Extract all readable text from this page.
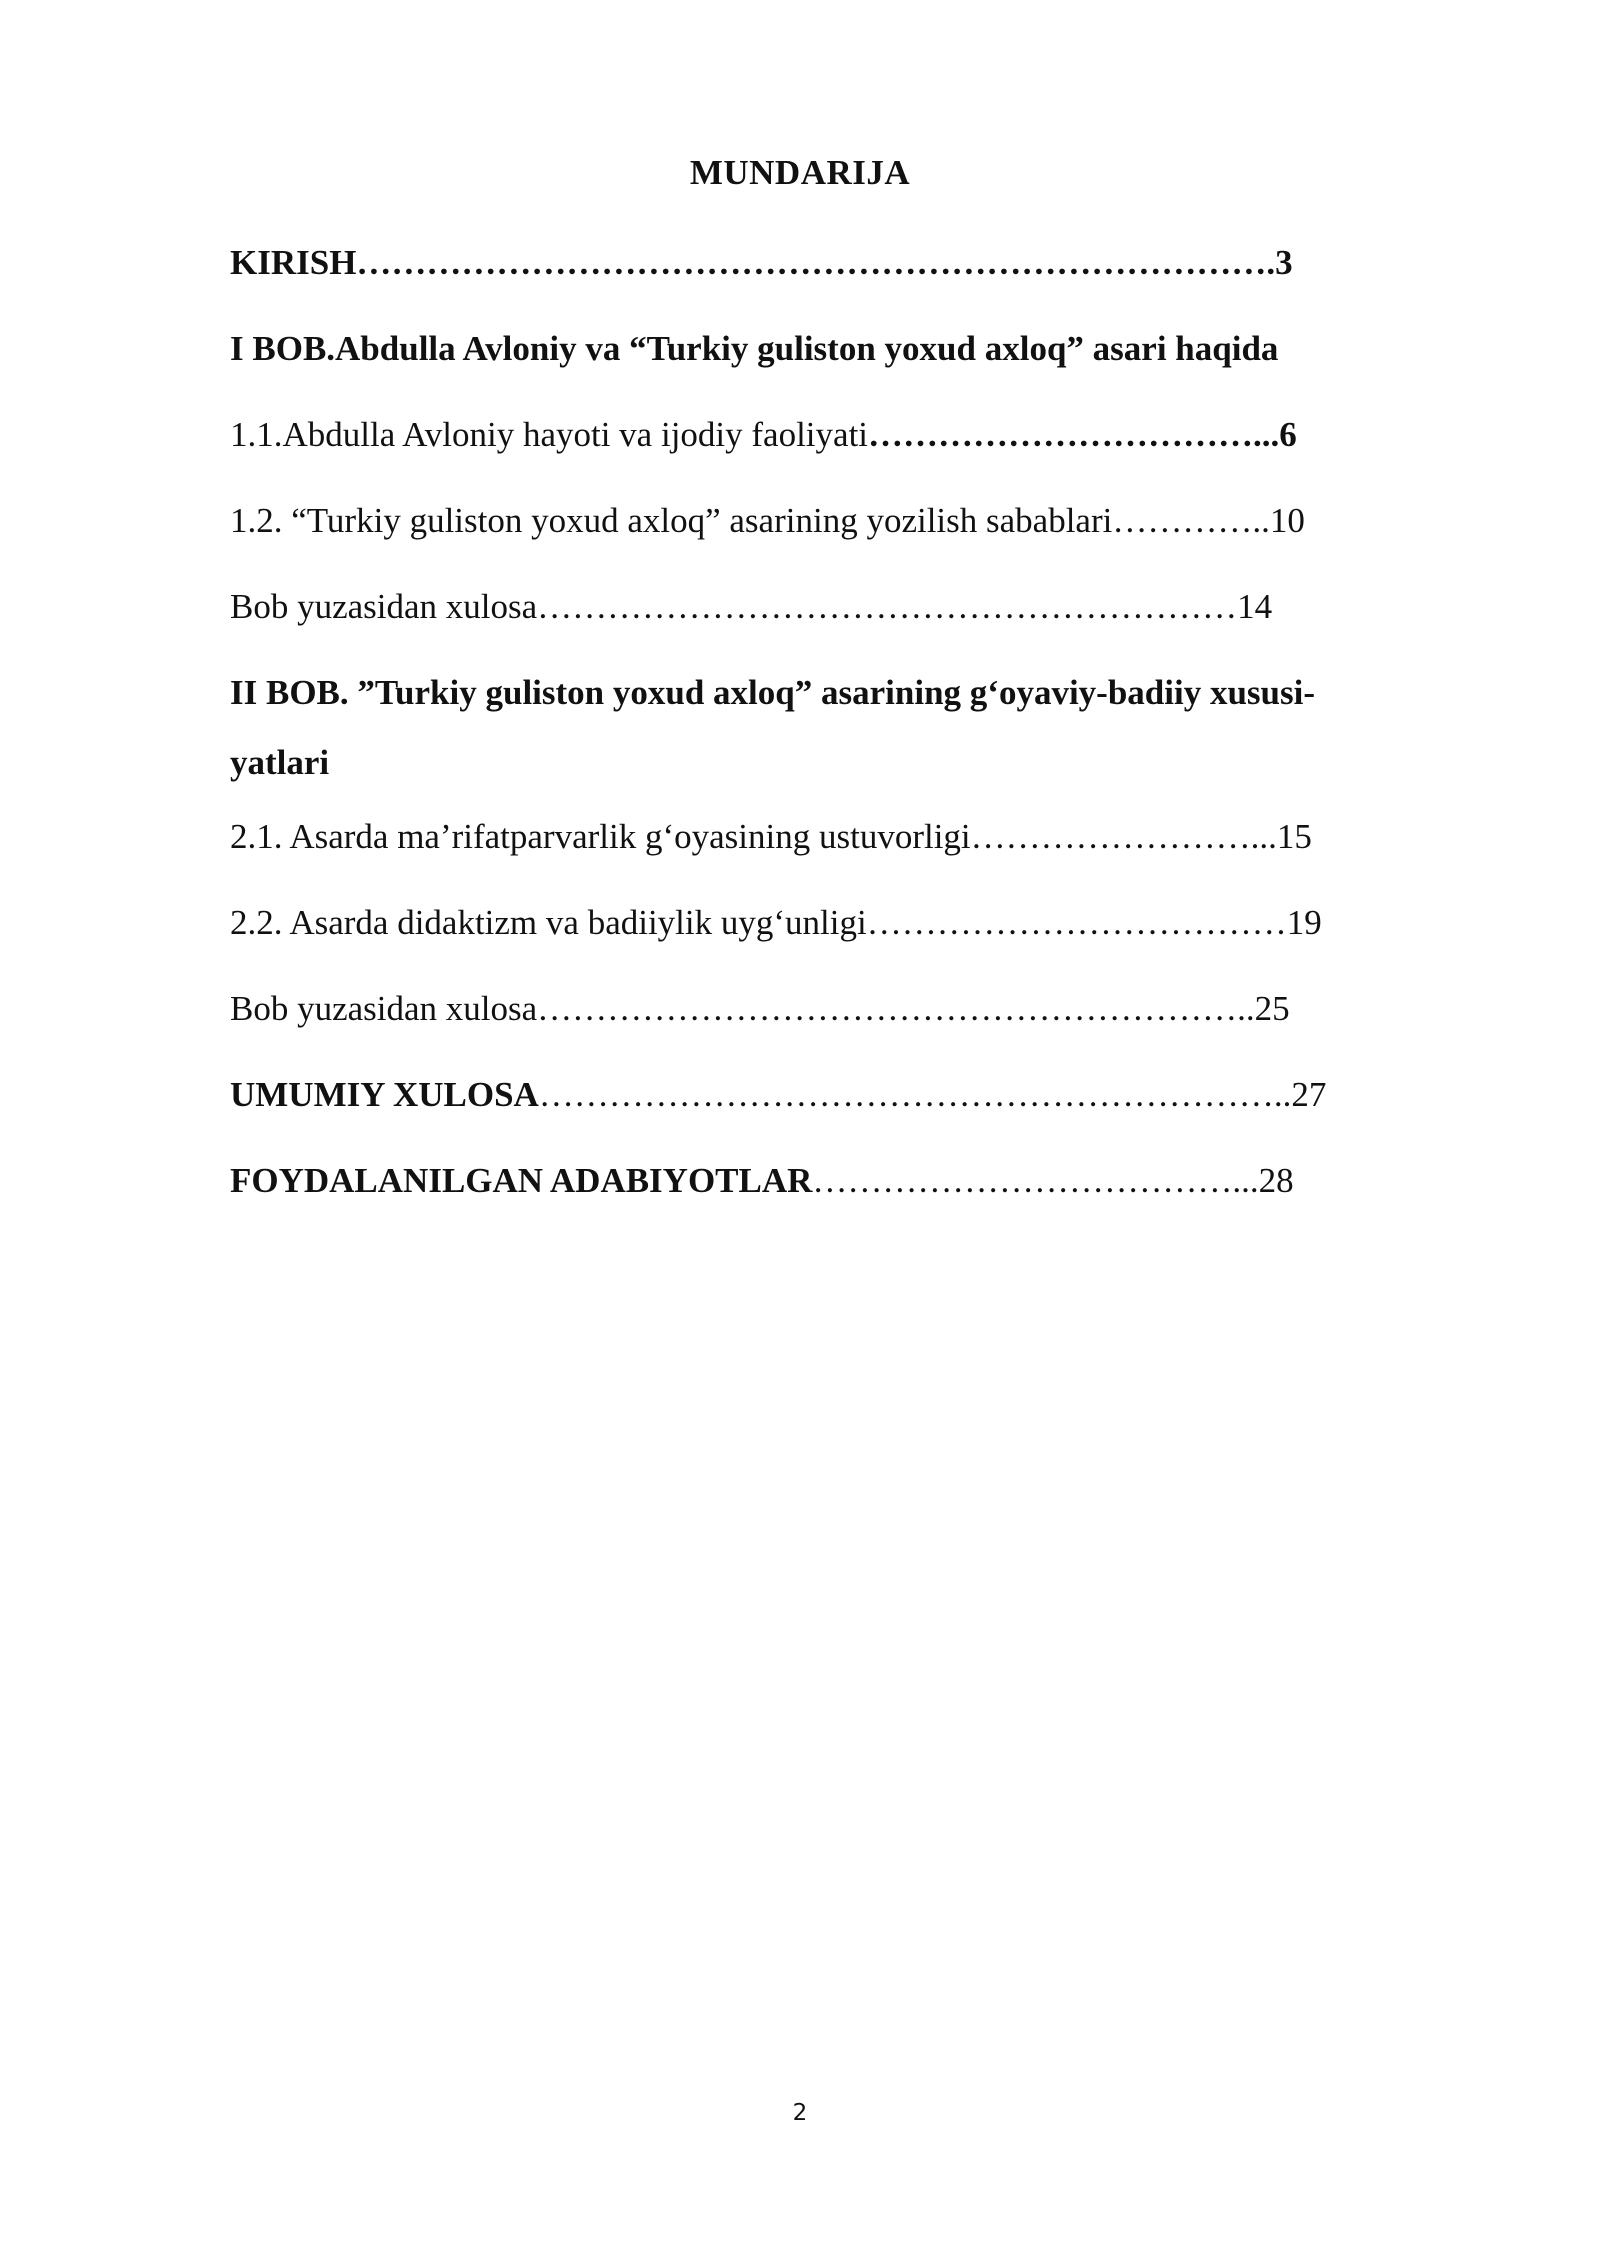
MUNDARIJA
KIRISH…………………………………………………………………….3
I BOB.Abdulla Avloniy va “Turkiy guliston yoxud axloq” asari haqida
1.1.Abdulla Avloniy hayoti va ijodiy faoliyati……………………………...6
1.2. “Turkiy guliston yoxud axloq” asarining yozilish sabablari…………..10
Bob yuzasidan xulosa……………………………………………………14
II BOB. ”Turkiy guliston yoxud axloq” asarining g‘oyaviy-badiiy xususi-yatlari
2.1. Asarda ma’rifatparvarlik g‘oyasining ustuvorligi……………………...15
2.2. Asarda didaktizm va badiiylik uyg‘unligi………………………………19
Bob yuzasidan xulosa……………………………………………………..25
UMUMIY XULOSA………………………………………………………..27
FOYDALANILGAN ADABIYOTLAR………………………………...28
2
